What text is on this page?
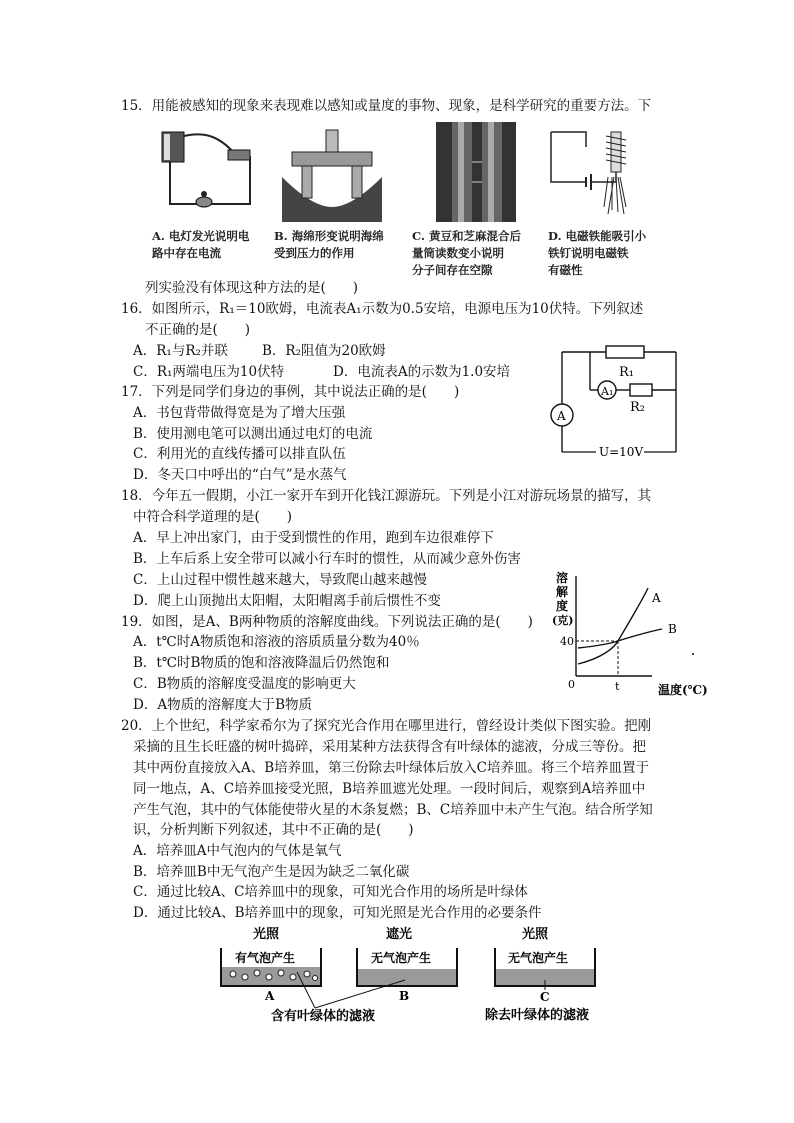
15．用能被感知的现象来表现难以感知或量度的事物、现象，是科学研究的重要方法。下
A. 电灯发光说明电
路中存在电流
B. 海绵形变说明海绵
受到压力的作用
C. 黄豆和芝麻混合后
量筒读数变小说明
分子间存在空隙
D. 电磁铁能吸引小
铁钉说明电磁铁
有磁性
列实验没有体现这种方法的是(　　)
16．如图所示，R₁＝10欧姆，电流表A₁示数为0.5安培，电源电压为10伏特。下列叙述
不正确的是(　　)
A．R₁与R₂并联	B．R₂阻值为20欧姆
C．R₁两端电压为10伏特	D．电流表A的示数为1.0安培	R₁
R₂
A₁
A
U=10V
17．下列是同学们身边的事例，其中说法正确的是(　　)
A．书包背带做得宽是为了增大压强
B．使用测电笔可以测出通过电灯的电流
C．利用光的直线传播可以排直队伍
D．冬天口中呼出的“白气”是水蒸气
18．今年五一假期，小江一家开车到开化钱江源游玩。下列是小江对游玩场景的描写，其
中符合科学道理的是(　　)
A．早上冲出家门，由于受到惯性的作用，跑到车边很难停下
B．上车后系上安全带可以减小行车时的惯性，从而减少意外伤害
C．上山过程中惯性越来越大，导致爬山越来越慢
D．爬上山顶抛出太阳帽，太阳帽离手前后惯性不变
19．如图，是A、B两种物质的溶解度曲线。下列说法正确的是(　　)
A．t℃时A物质饱和溶液的溶质质量分数为40％
B．t℃时B物质的饱和溶液降温后仍然饱和
C．B物质的溶解度受温度的影响更大
D．A物质的溶解度大于B物质
溶
解
度
(克)
A
B
40
0	t	温度(℃)
20．上个世纪，科学家希尔为了探究光合作用在哪里进行，曾经设计类似下图实验。把刚
采摘的且生长旺盛的树叶捣碎，采用某种方法获得含有叶绿体的滤液，分成三等份。把
其中两份直接放入A、B培养皿，第三份除去叶绿体后放入C培养皿。将三个培养皿置于
同一地点，A、C培养皿接受光照，B培养皿遮光处理。一段时间后，观察到A培养皿中
产生气泡，其中的气体能使带火星的木条复燃；B、C培养皿中未产生气泡。结合所学知
识，分析判断下列叙述，其中不正确的是(　　)
A．培养皿A中气泡内的气体是氧气
B．培养皿B中无气泡产生是因为缺乏二氧化碳
C．通过比较A、C培养皿中的现象，可知光合作用的场所是叶绿体
D．通过比较A、B培养皿中的现象，可知光照是光合作用的必要条件
光照	遮光	光照
有气泡产生	无气泡产生	无气泡产生
A	B	C
含有叶绿体的滤液	除去叶绿体的滤液
